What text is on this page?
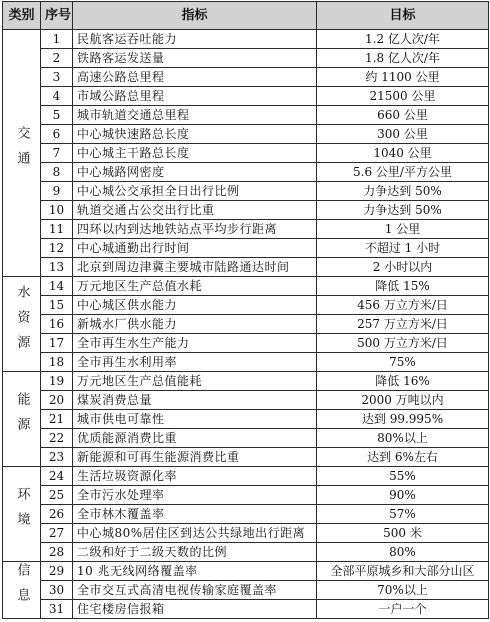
类别	序号	指标	目标
交通	1	民航客运吞吐能力	1.2 亿人次/年
	2	铁路客运发送量	1.8 亿人次/年
	3	高速公路总里程	约 1100 公里
	4	市域公路总里程	21500 公里
	5	城市轨道交通总里程	660 公里
	6	中心城快速路总长度	300 公里
	7	中心城主干路总长度	1040 公里
	8	中心城路网密度	5.6 公里/平方公里
	9	中心城公交承担全日出行比例	力争达到 50%
	10	轨道交通占公交出行比重	力争达到 50%
	11	四环以内到达地铁站点平均步行距离	1 公里
	12	中心城通勤出行时间	不超过 1 小时
	13	北京到周边津冀主要城市陆路通达时间	2 小时以内
水资源	14	万元地区生产总值水耗	降低 15%
	15	中心城区供水能力	456 万立方米/日
	16	新城水厂供水能力	257 万立方米/日
	17	全市再生水生产能力	500 万立方米/日
	18	全市再生水利用率	75%
能源	19	万元地区生产总值能耗	降低 16%
	20	煤炭消费总量	2000 万吨以内
	21	城市供电可靠性	达到 99.995%
	22	优质能源消费比重	80%以上
	23	新能源和可再生能源消费比重	达到 6%左右
环境	24	生活垃圾资源化率	55%
	25	全市污水处理率	90%
	26	全市林木覆盖率	57%
	27	中心城80%居住区到达公共绿地出行距离	500 米
	28	二级和好于二级天数的比例	80%
信息	29	10 兆无线网络覆盖率	全部平原城乡和大部分山区
	30	全市交互式高清电视传输家庭覆盖率	70%以上
	31	住宅楼房信报箱	一户一个
